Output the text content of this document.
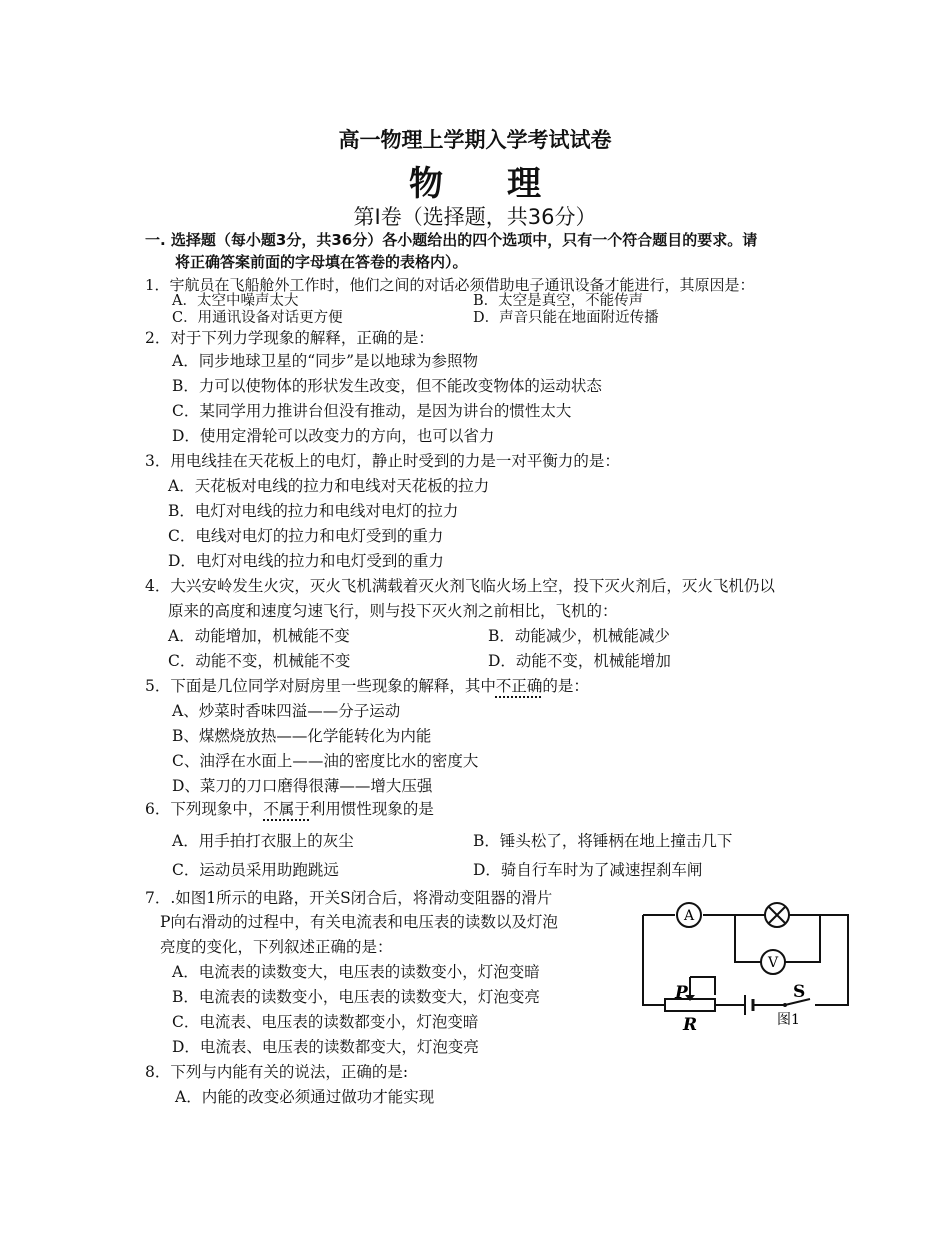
高一物理上学期入学考试试卷
物理
第Ⅰ卷（选择题，共36分）
一. 选择题（每小题3分，共36分）各小题给出的四个选项中，只有一个符合题目的要求。请
将正确答案前面的字母填在答卷的表格内）。
1．宇航员在飞船舱外工作时，他们之间的对话必须借助电子通讯设备才能进行，其原因是：
A．太空中噪声太大	B．太空是真空，不能传声
C．用通讯设备对话更方便	D．声音只能在地面附近传播
2．对于下列力学现象的解释，正确的是：
A．同步地球卫星的“同步”是以地球为参照物
B．力可以使物体的形状发生改变，但不能改变物体的运动状态
C．某同学用力推讲台但没有推动，是因为讲台的惯性太大
D．使用定滑轮可以改变力的方向，也可以省力
3．用电线挂在天花板上的电灯，静止时受到的力是一对平衡力的是：
A．天花板对电线的拉力和电线对天花板的拉力
B．电灯对电线的拉力和电线对电灯的拉力
C．电线对电灯的拉力和电灯受到的重力
D．电灯对电线的拉力和电灯受到的重力
4．大兴安岭发生火灾，灭火飞机满载着灭火剂飞临火场上空，投下灭火剂后，灭火飞机仍以
原来的高度和速度匀速飞行，则与投下灭火剂之前相比，飞机的：
A．动能增加，机械能不变	B．动能减少，机械能减少
C．动能不变，机械能不变	D．动能不变，机械能增加
5．下面是几位同学对厨房里一些现象的解释，其中不正确的是：
A、炒菜时香味四溢——分子运动
B、煤燃烧放热——化学能转化为内能
C、油浮在水面上——油的密度比水的密度大
D、菜刀的刀口磨得很薄——增大压强
6．下列现象中，不属于利用惯性现象的是
A．用手拍打衣服上的灰尘	B．锤头松了，将锤柄在地上撞击几下
C．运动员采用助跑跳远	D．骑自行车时为了减速捏刹车闸
7．.如图1所示的电路，开关S闭合后，将滑动变阻器的滑片
P向右滑动的过程中，有关电流表和电压表的读数以及灯泡
亮度的变化，下列叙述正确的是：
A．电流表的读数变大，电压表的读数变小，灯泡变暗
B．电流表的读数变小，电压表的读数变大，灯泡变亮
C．电流表、电压表的读数都变小，灯泡变暗
D．电流表、电压表的读数都变大，灯泡变亮
A
V
P
R
S
图1
8．下列与内能有关的说法，正确的是:
A．内能的改变必须通过做功才能实现
